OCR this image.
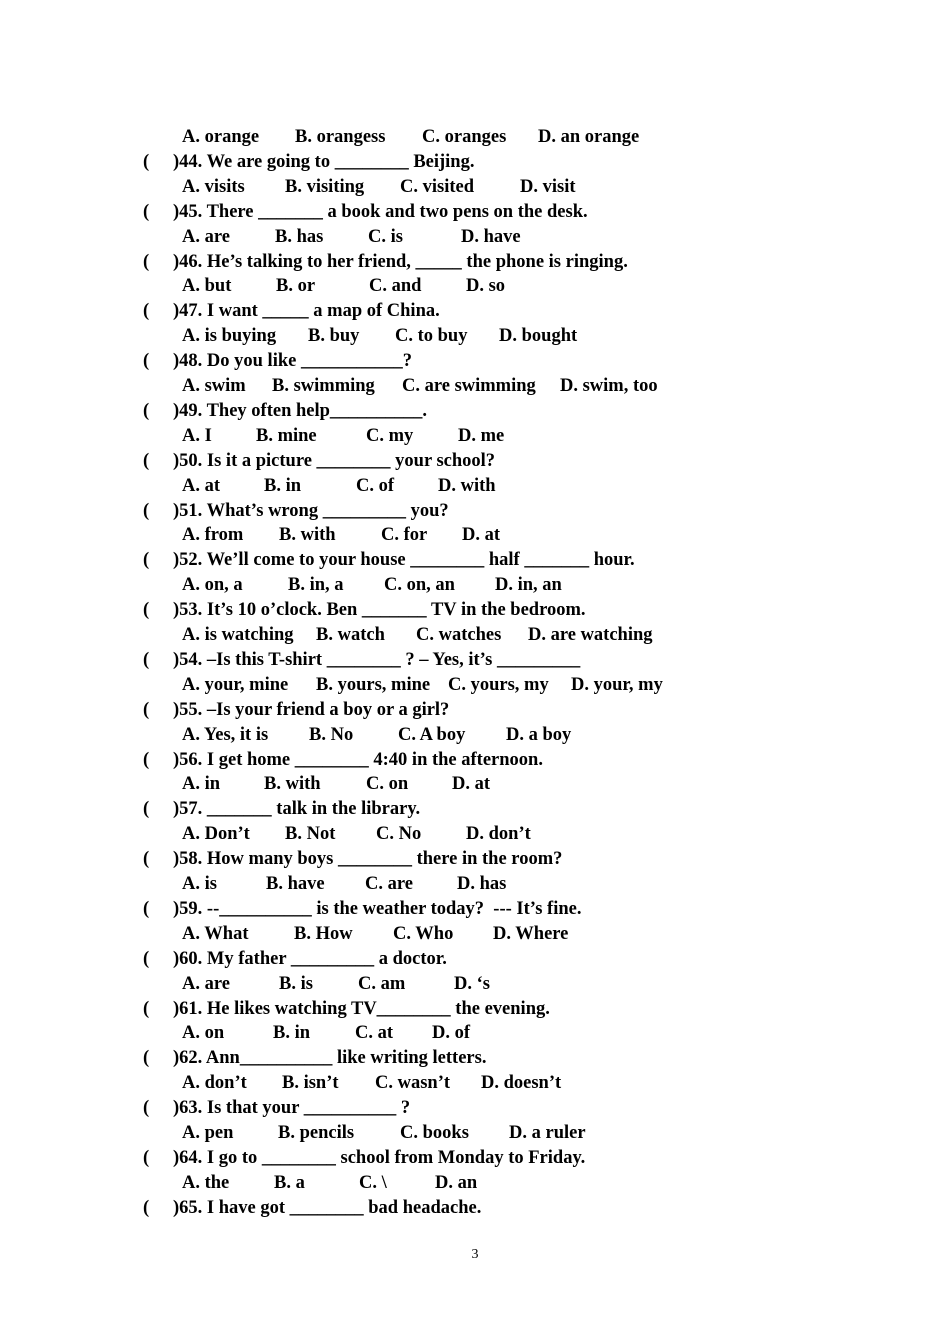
A. orange B. orangess C. oranges D. an orange
( )44. We are going to ________ Beijing.
A. visits B. visiting C. visited D. visit
( )45. There _______ a book and two pens on the desk.
A. are B. has C. is	D. have
( )46. He’s talking to her friend, _____ the phone is ringing.
A. but B. or	C. and D. so
( )47. I want _____ a map of China.
A. is buying B. buy C. to buy D. bought
( )48. Do you like ___________?
A. swim B. swimming C. are swimming D. swim, too
( )49. They often help__________.
A. I B. mine	C. my D. me
( )50. Is it a picture ________ your school?
A. at B. in	C. of D. with
( )51. What’s wrong _________ you?
A. from B. with C. for D. at
( )52. We’ll come to your house ________ half _______ hour.
A. on, a B. in, a C. on, an D. in, an
( )53. It’s 10 o’clock. Ben _______ TV in the bedroom.
A. is watching B. watch C. watches D. are watching
( )54. –Is this T-shirt ________ ? – Yes, it’s _________
A. your, mine B. yours, mine C. yours, my D. your, my
( )55. –Is your friend a boy or a girl?
A. Yes, it is B. No C. A boy D. a boy
( )56. I get home ________ 4:40 in the afternoon.
A. in B. with C. on D. at
( )57. _______ talk in the library.
A. Don’t B. Not C. No D. don’t
( )58. How many boys ________ there in the room?
A. is	B. have C. are D. has
( )59. --__________ is the weather today?  --- It’s fine.
A. What B. How C. Who D. Where
( )60. My father _________ a doctor.
A. are	B. is C. am	D. ‘s
( )61. He likes watching TV________ the evening.
A. on	B. in C. at D. of
( )62. Ann__________ like writing letters.
A. don’t B. isn’t C. wasn’t D. doesn’t
( )63. Is that your __________ ?
A. pen B. pencils C. books D. a ruler
( )64. I go to ________ school from Monday to Friday.
A. the B. a	C. \	D. an
( )65. I have got ________ bad headache.
3
